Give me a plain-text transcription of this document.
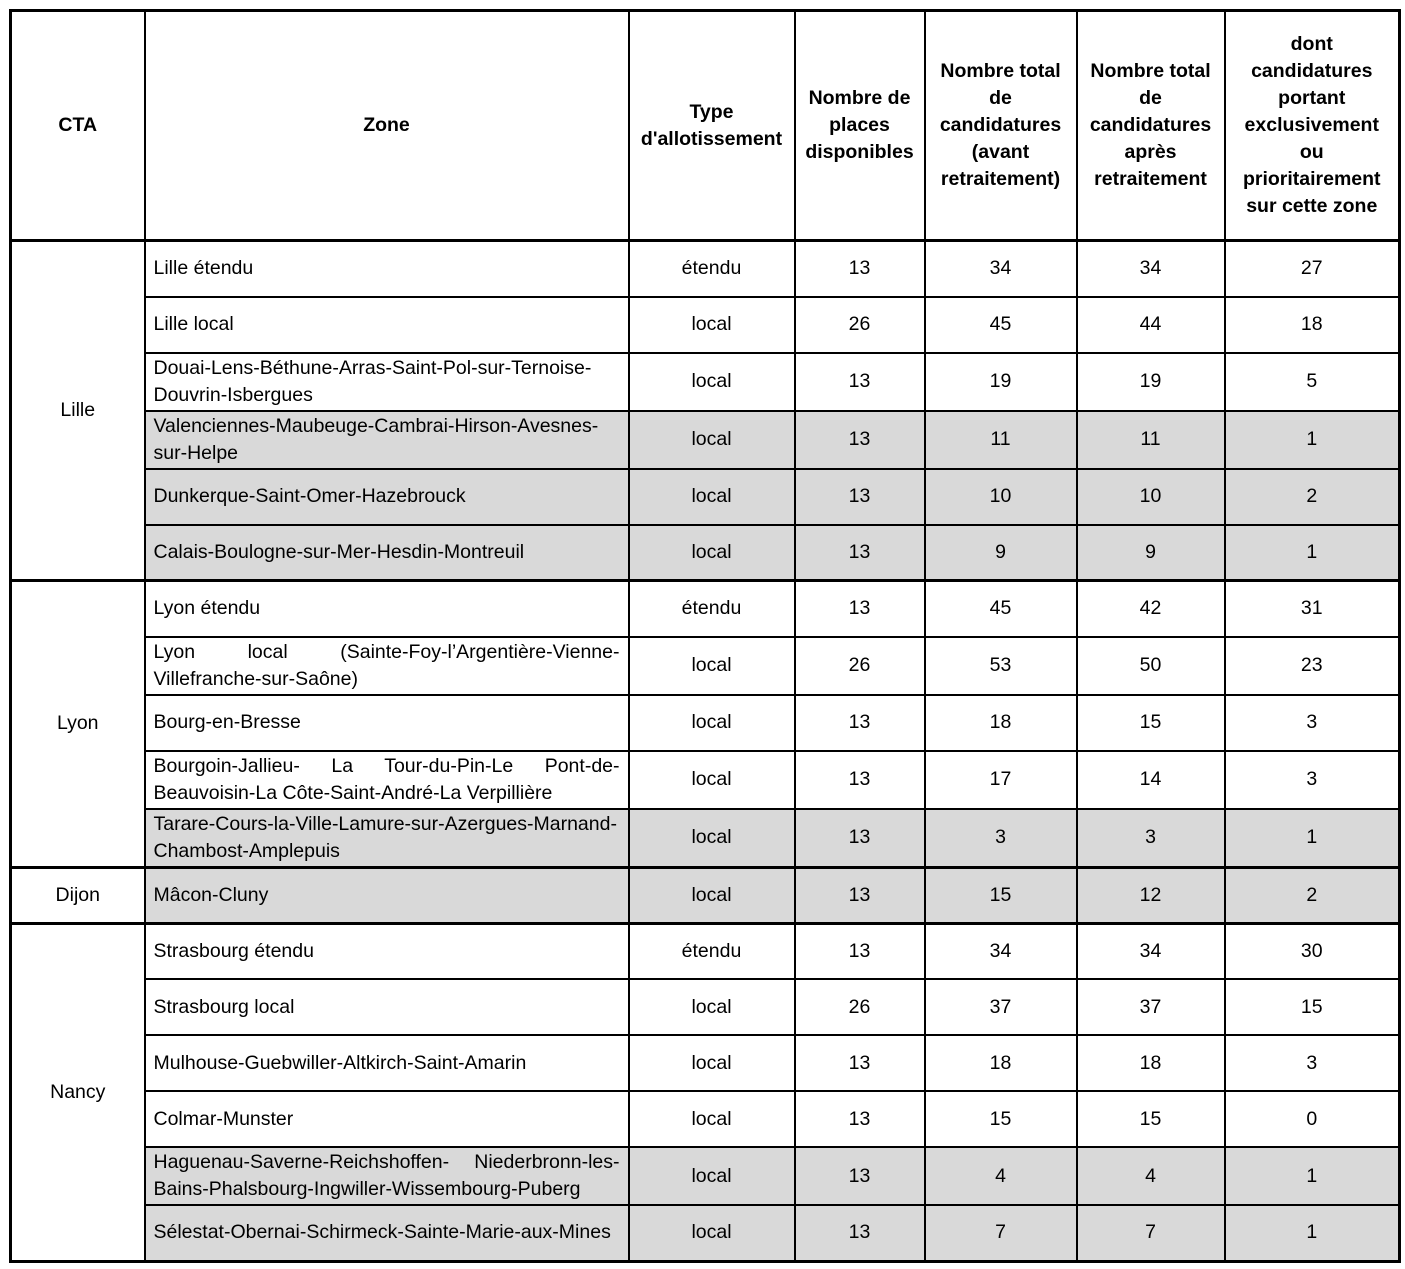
CTA	Zone	Type d'allotissement	Nombre de places disponibles	Nombre total de candidatures (avant retraitement)	Nombre total de candidatures après retraitement	dont candidatures portant exclusivement ou prioritairement sur cette zone
Lille	Lille étendu	étendu	13	34	34	27
	Lille local	local	26	45	44	18
	Douai-Lens-Béthune-Arras-Saint-Pol-sur-Ternoise-Douvrin-Isbergues	local	13	19	19	5
	Valenciennes-Maubeuge-Cambrai-Hirson-Avesnes-sur-Helpe	local	13	11	11	1
	Dunkerque-Saint-Omer-Hazebrouck	local	13	10	10	2
	Calais-Boulogne-sur-Mer-Hesdin-Montreuil	local	13	9	9	1
Lyon	Lyon étendu	étendu	13	45	42	31
	Lyon local (Sainte-Foy-l’Argentière-Vienne-Villefranche-sur-Saône)	local	26	53	50	23
	Bourg-en-Bresse	local	13	18	15	3
	Bourgoin-Jallieu- La Tour-du-Pin-Le Pont-de-Beauvoisin-La Côte-Saint-André-La Verpillière	local	13	17	14	3
	Tarare-Cours-la-Ville-Lamure-sur-Azergues-Marnand-Chambost-Amplepuis	local	13	3	3	1
Dijon	Mâcon-Cluny	local	13	15	12	2
Nancy	Strasbourg étendu	étendu	13	34	34	30
	Strasbourg local	local	26	37	37	15
	Mulhouse-Guebwiller-Altkirch-Saint-Amarin	local	13	18	18	3
	Colmar-Munster	local	13	15	15	0
	Haguenau-Saverne-Reichshoffen- Niederbronn-les-Bains-Phalsbourg-Ingwiller-Wissembourg-Puberg	local	13	4	4	1
	Sélestat-Obernai-Schirmeck-Sainte-Marie-aux-Mines	local	13	7	7	1
